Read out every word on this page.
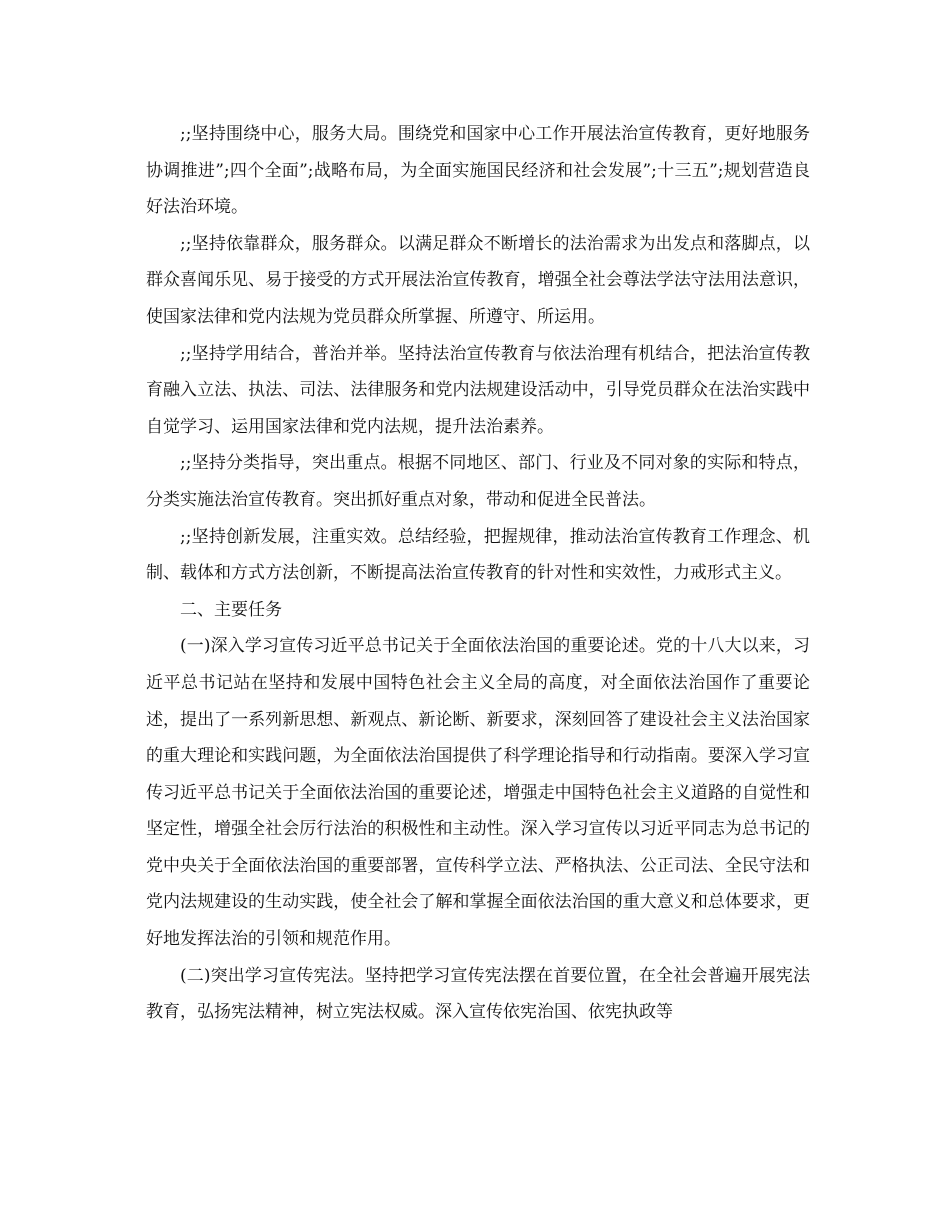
;;坚持围绕中心，服务大局。围绕党和国家中心工作开展法治宣传教育，更好地服务协调推进”;四个全面”;战略布局，为全面实施国民经济和社会发展”;十三五”;规划营造良好法治环境。

;;坚持依靠群众，服务群众。以满足群众不断增长的法治需求为出发点和落脚点，以群众喜闻乐见、易于接受的方式开展法治宣传教育，增强全社会尊法学法守法用法意识，使国家法律和党内法规为党员群众所掌握、所遵守、所运用。

;;坚持学用结合，普治并举。坚持法治宣传教育与依法治理有机结合，把法治宣传教育融入立法、执法、司法、法律服务和党内法规建设活动中，引导党员群众在法治实践中自觉学习、运用国家法律和党内法规，提升法治素养。

;;坚持分类指导，突出重点。根据不同地区、部门、行业及不同对象的实际和特点，分类实施法治宣传教育。突出抓好重点对象，带动和促进全民普法。

;;坚持创新发展，注重实效。总结经验，把握规律，推动法治宣传教育工作理念、机制、载体和方式方法创新，不断提高法治宣传教育的针对性和实效性，力戒形式主义。

二、主要任务

(一)深入学习宣传习近平总书记关于全面依法治国的重要论述。党的十八大以来，习近平总书记站在坚持和发展中国特色社会主义全局的高度，对全面依法治国作了重要论述，提出了一系列新思想、新观点、新论断、新要求，深刻回答了建设社会主义法治国家的重大理论和实践问题，为全面依法治国提供了科学理论指导和行动指南。要深入学习宣传习近平总书记关于全面依法治国的重要论述，增强走中国特色社会主义道路的自觉性和坚定性，增强全社会厉行法治的积极性和主动性。深入学习宣传以习近平同志为总书记的党中央关于全面依法治国的重要部署，宣传科学立法、严格执法、公正司法、全民守法和党内法规建设的生动实践，使全社会了解和掌握全面依法治国的重大意义和总体要求，更好地发挥法治的引领和规范作用。

(二)突出学习宣传宪法。坚持把学习宣传宪法摆在首要位置，在全社会普遍开展宪法教育，弘扬宪法精神，树立宪法权威。深入宣传依宪治国、依宪执政等
